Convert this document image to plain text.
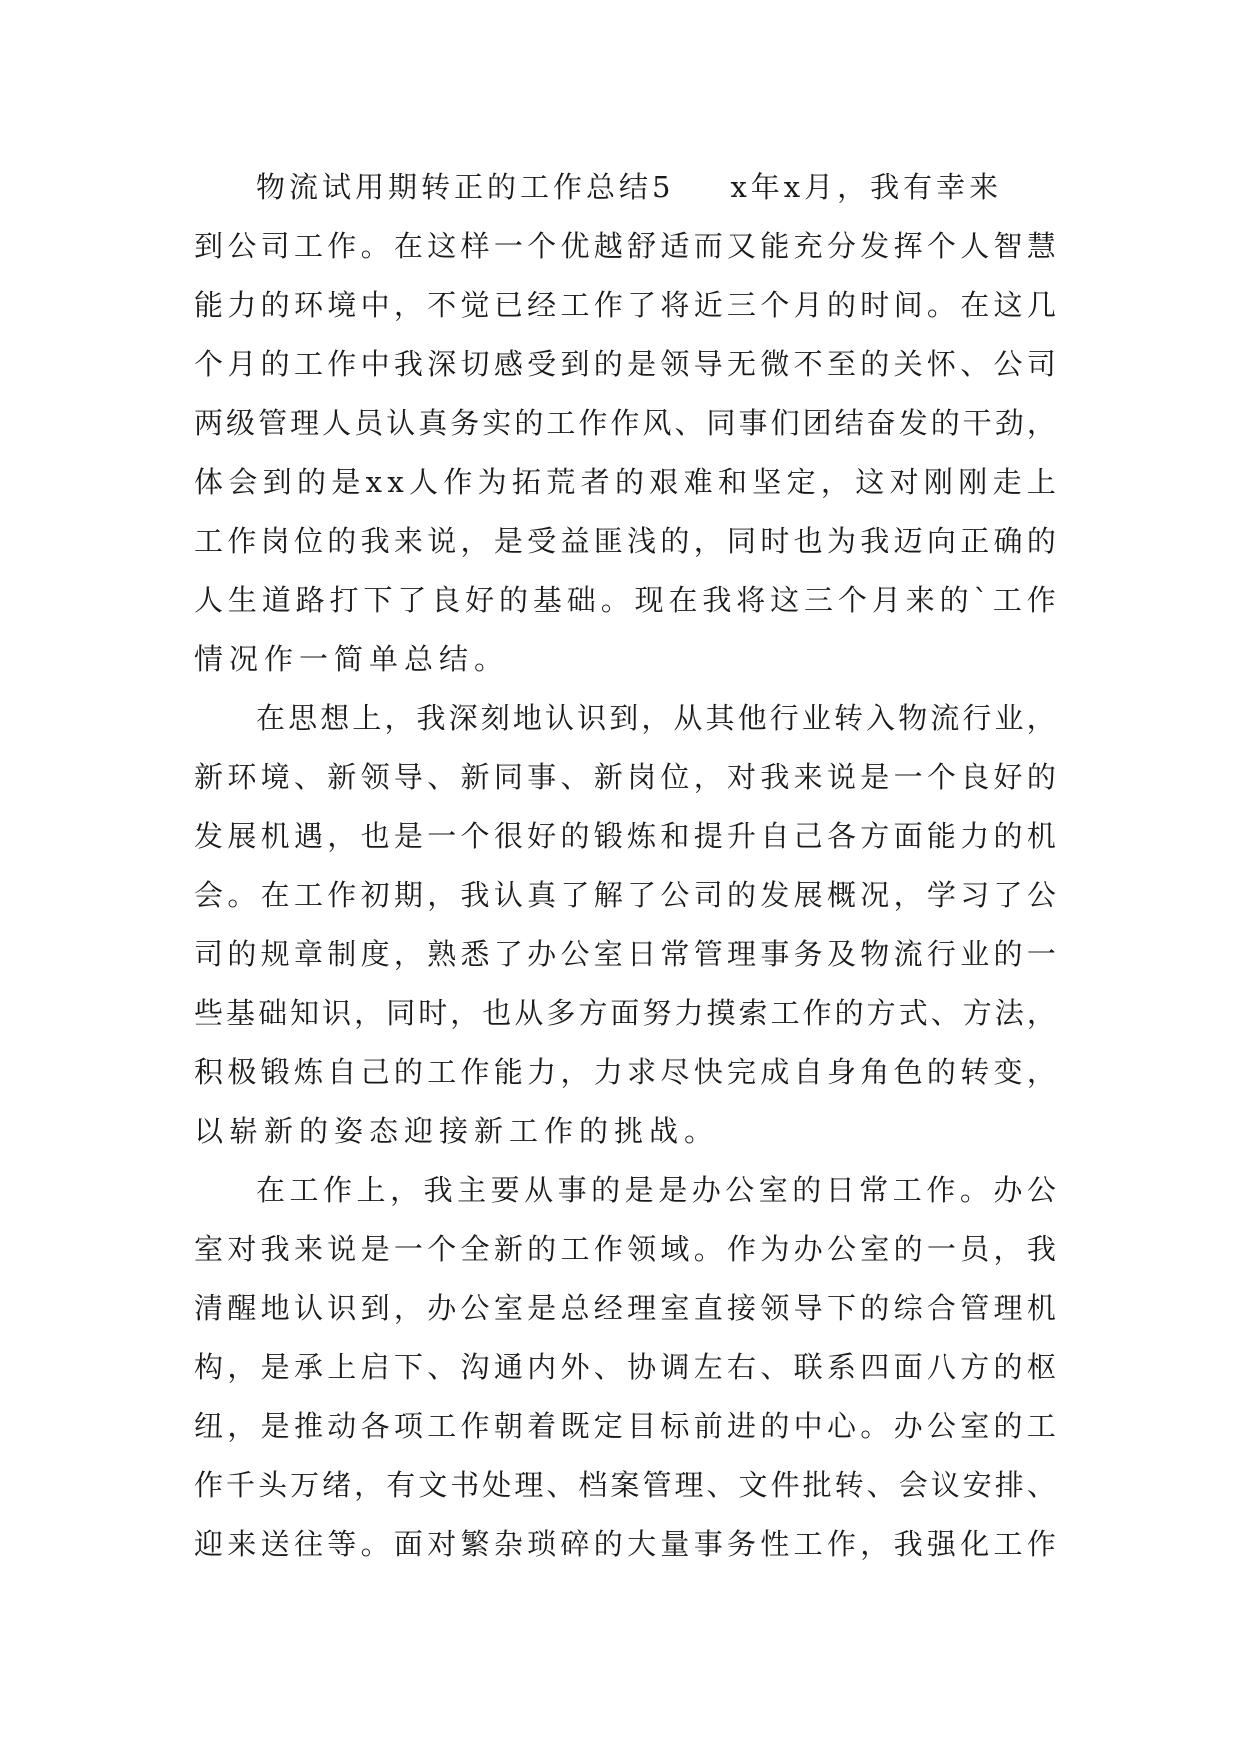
物流试用期转正的工作总结5 x年x月，我有幸来
到 公 司 工 作 。 在 这 样 一 个 优 越 舒 适 而 又 能 充 分 发 挥 个 人 智 慧
能 力 的 环 境 中 ， 不 觉 已 经 工 作 了 将 近 三 个 月 的 时 间 。 在 这 几
个 月 的 工 作 中 我 深 切 感 受 到 的 是 领 导 无 微 不 至 的 关 怀 、 公 司
两 级 管 理 人 员 认 真 务 实 的 工 作 作 风 、 同 事 们 团 结 奋 发 的 干 劲 ，
体 会 到 的 是 x x 人 作 为 拓 荒 者 的 艰 难 和 坚 定 ， 这 对 刚 刚 走 上
工 作 岗 位 的 我 来 说 ， 是 受 益 匪 浅 的 ， 同 时 也 为 我 迈 向 正 确 的
人 生 道 路 打 下 了 良 好 的 基 础 。 现 在 我 将 这 三 个 月 来 的 ` 工 作
情况作一简单总结。
在 思 想 上 ， 我 深 刻 地 认 识 到 ， 从 其 他 行 业 转 入 物 流 行 业 ，
新 环 境 、 新 领 导 、 新 同 事 、 新 岗 位 ， 对 我 来 说 是 一 个 良 好 的
发 展 机 遇 ， 也 是 一 个 很 好 的 锻 炼 和 提 升 自 己 各 方 面 能 力 的 机
会 。 在 工 作 初 期 ， 我 认 真 了 解 了 公 司 的 发 展 概 况 ， 学 习 了 公
司 的 规 章 制 度 ， 熟 悉 了 办 公 室 日 常 管 理 事 务 及 物 流 行 业 的 一
些 基 础 知 识 ， 同 时 ， 也 从 多 方 面 努 力 摸 索 工 作 的 方 式 、 方 法 ，
积 极 锻 炼 自 己 的 工 作 能 力 ， 力 求 尽 快 完 成 自 身 角 色 的 转 变 ，
以崭新的姿态迎接新工作的挑战。
在 工 作 上 ， 我 主 要 从 事 的 是 是 办 公 室 的 日 常 工 作 。 办 公
室 对 我 来 说 是 一 个 全 新 的 工 作 领 域 。 作 为 办 公 室 的 一 员 ， 我
清 醒 地 认 识 到 ， 办 公 室 是 总 经 理 室 直 接 领 导 下 的 综 合 管 理 机
构 ， 是 承 上 启 下 、 沟 通 内 外 、 协 调 左 右 、 联 系 四 面 八 方 的 枢
纽 ， 是 推 动 各 项 工 作 朝 着 既 定 目 标 前 进 的 中 心 。 办 公 室 的 工
作 千 头 万 绪 ， 有 文 书 处 理 、 档 案 管 理 、 文 件 批 转 、 会 议 安 排 、
迎 来 送 往 等 。 面 对 繁 杂 琐 碎 的 大 量 事 务 性 工 作 ， 我 强 化 工 作
